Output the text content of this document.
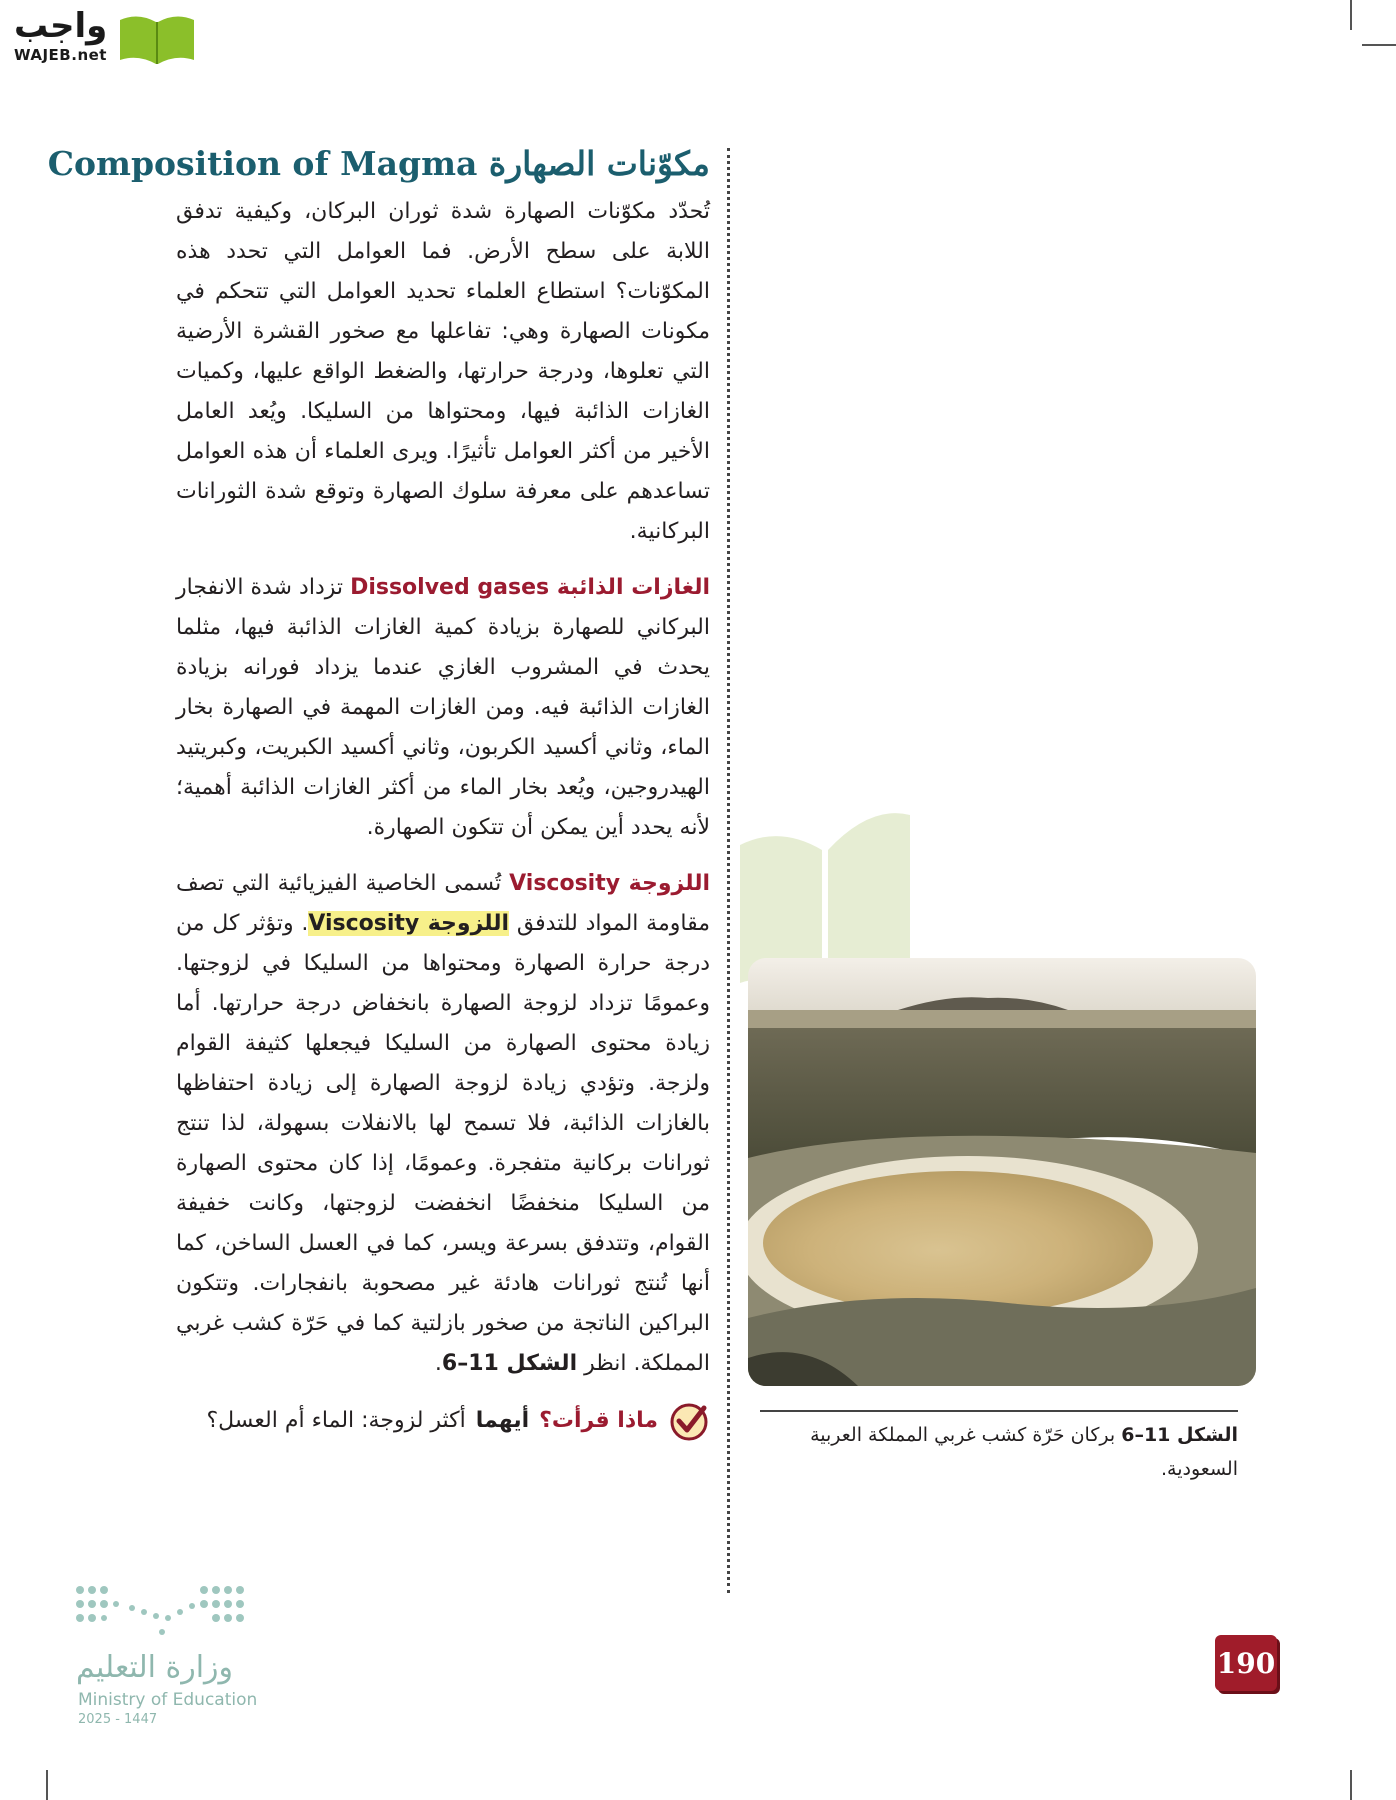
واجب
WAJEB.net
مكوّنات الصهارة Composition of Magma

تُحدّد مكوّنات الصهارة شدة ثوران البركان، وكيفية تدفق اللابة على سطح الأرض. فما العوامل التي تحدد هذه المكوّنات؟ استطاع العلماء تحديد العوامل التي تتحكم في مكونات الصهارة وهي: تفاعلها مع صخور القشرة الأرضية التي تعلوها، ودرجة حرارتها، والضغط الواقع عليها، وكميات الغازات الذائبة فيها، ومحتواها من السليكا. ويُعد العامل الأخير من أكثر العوامل تأثيرًا. ويرى العلماء أن هذه العوامل تساعدهم على معرفة سلوك الصهارة وتوقع شدة الثورانات البركانية.

الغازات الذائبة Dissolved gases تزداد شدة الانفجار البركاني للصهارة بزيادة كمية الغازات الذائبة فيها، مثلما يحدث في المشروب الغازي عندما يزداد فورانه بزيادة الغازات الذائبة فيه. ومن الغازات المهمة في الصهارة بخار الماء، وثاني أكسيد الكربون، وثاني أكسيد الكبريت، وكبريتيد الهيدروجين، ويُعد بخار الماء من أكثر الغازات الذائبة أهمية؛ لأنه يحدد أين يمكن أن تتكون الصهارة.

اللزوجة Viscosity تُسمى الخاصية الفيزيائية التي تصف مقاومة المواد للتدفق اللزوجة Viscosity. وتؤثر كل من درجة حرارة الصهارة ومحتواها من السليكا في لزوجتها. وعمومًا تزداد لزوجة الصهارة بانخفاض درجة حرارتها. أما زيادة محتوى الصهارة من السليكا فيجعلها كثيفة القوام ولزجة. وتؤدي زيادة لزوجة الصهارة إلى زيادة احتفاظها بالغازات الذائبة، فلا تسمح لها بالانفلات بسهولة، لذا تنتج ثورانات بركانية متفجرة. وعمومًا، إذا كان محتوى الصهارة من السليكا منخفضًا انخفضت لزوجتها، وكانت خفيفة القوام، وتتدفق بسرعة ويسر، كما في العسل الساخن، كما أنها تُنتج ثورانات هادئة غير مصحوبة بانفجارات. وتتكون البراكين الناتجة من صخور بازلتية كما في حَرّة كشب غربي المملكة. انظر الشكل 11–6.

ماذا قرأت؟
أيهما
أكثر لزوجة: الماء أم العسل؟
الشكل 11–6 بركان حَرّة كشب غربي المملكة العربية السعودية.
وزارة التعليم
Ministry of Education
2025 - 1447
190
